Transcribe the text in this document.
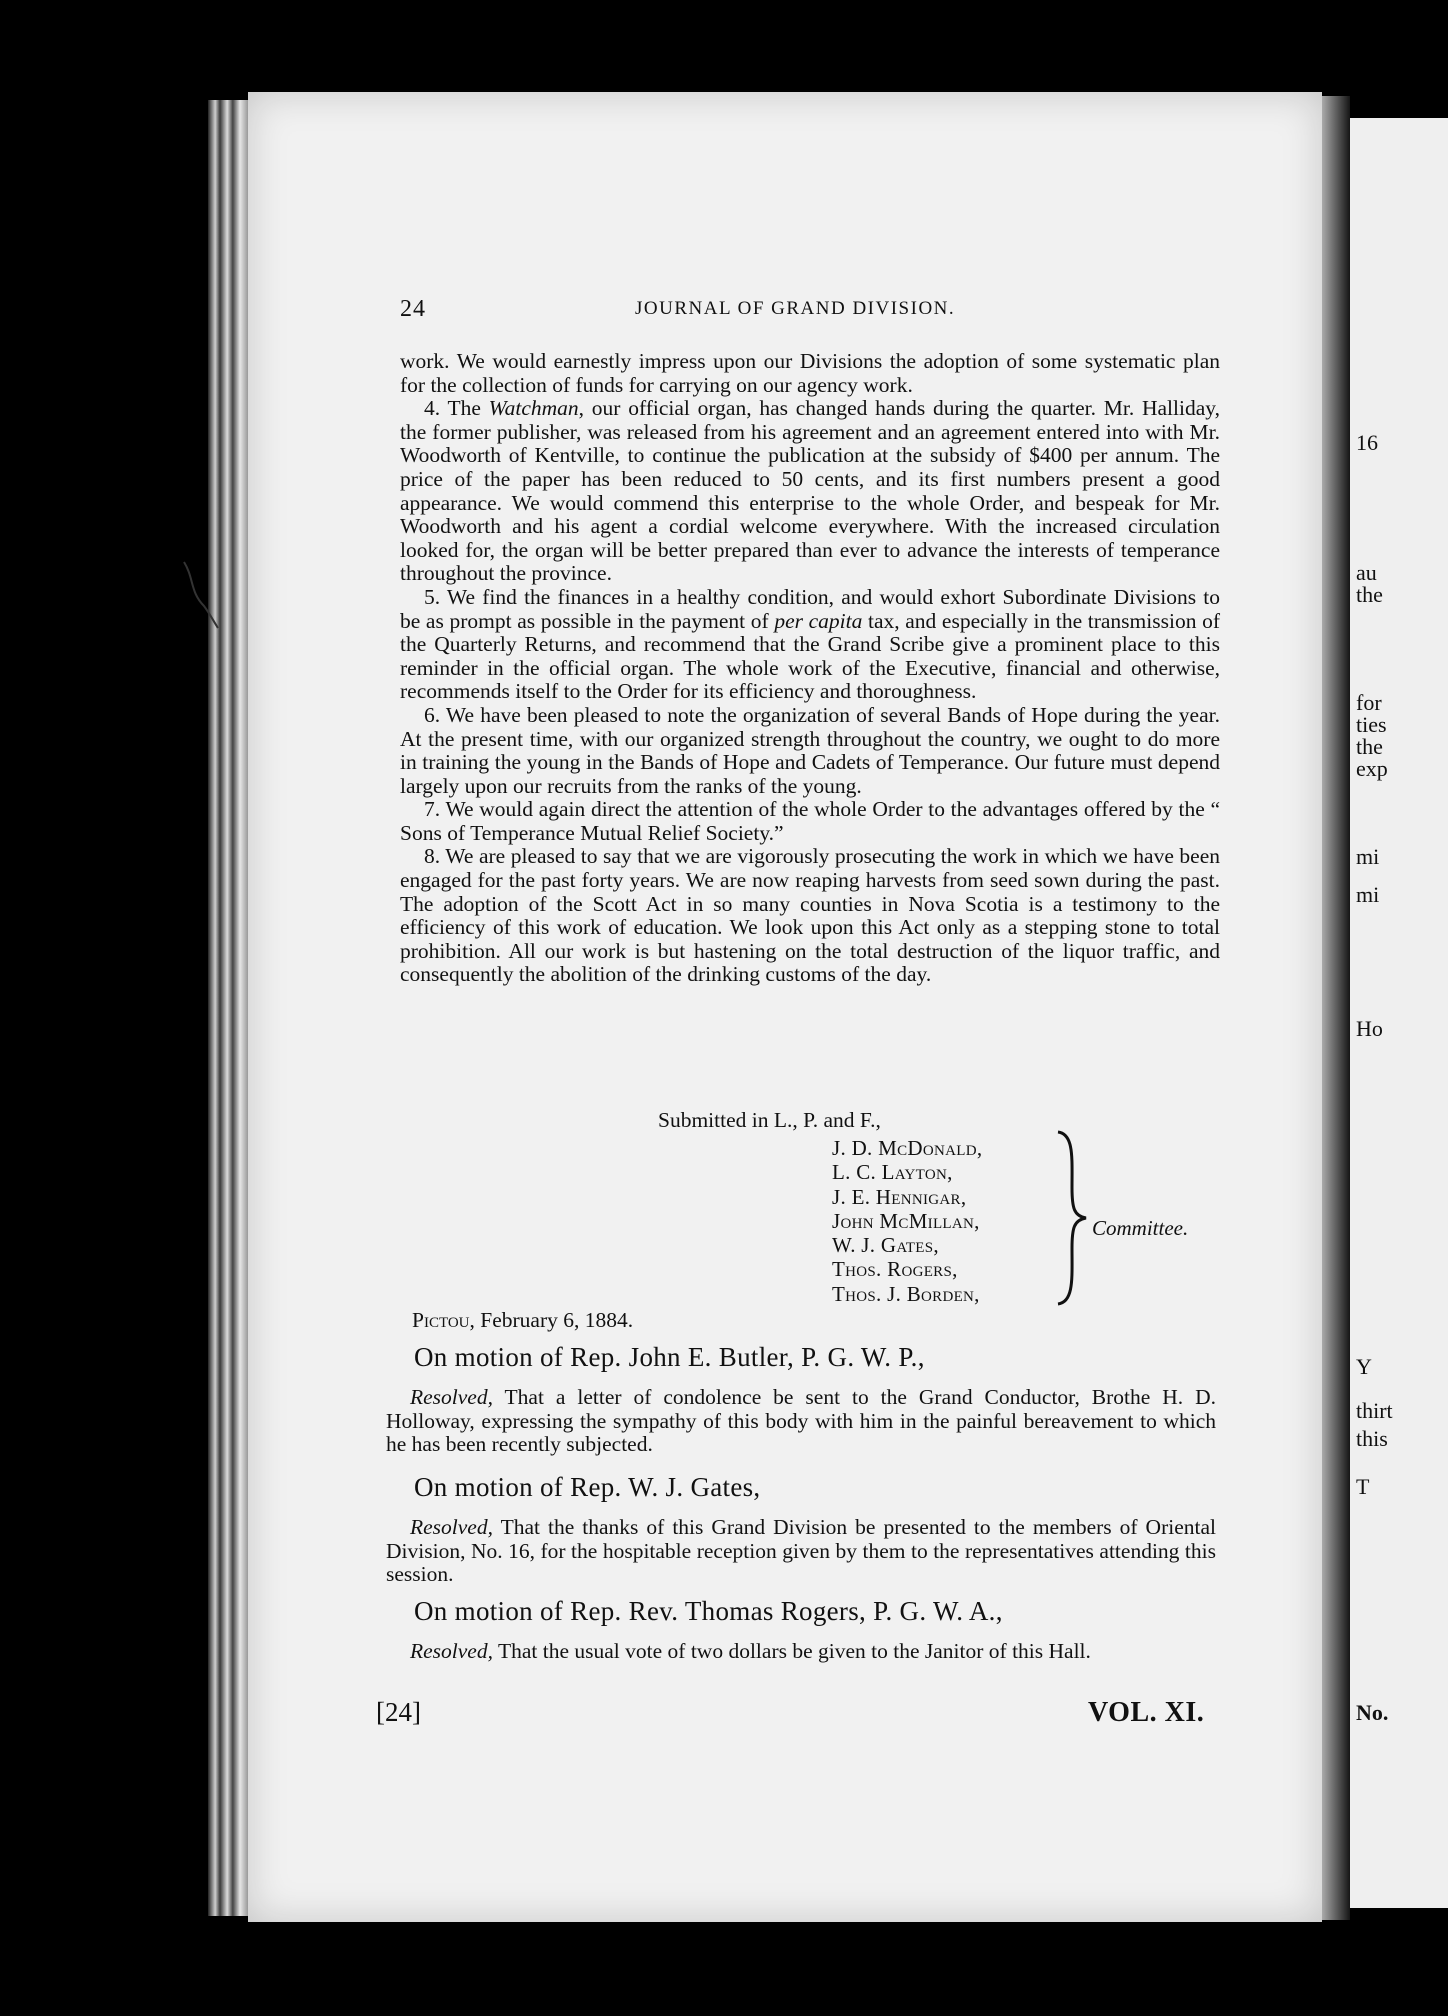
16
au
the
for
ties
the
exp
mi
mi
Ho
Y
thirt
this
T
No.
24	JOURNAL OF GRAND DIVISION.

work. We would earnestly impress upon our Divisions the adoption of some systematic plan for the collection of funds for carrying on our agency work.

4. The Watchman, our official organ, has changed hands during the quarter. Mr. Halliday, the former publisher, was released from his agreement and an agreement entered into with Mr. Woodworth of Kentville, to continue the publication at the subsidy of $400 per annum. The price of the paper has been reduced to 50 cents, and its first numbers present a good appearance. We would commend this enterprise to the whole Order, and bespeak for Mr. Woodworth and his agent a cordial welcome everywhere. With the increased circulation looked for, the organ will be better prepared than ever to advance the interests of temperance throughout the province.

5. We find the finances in a healthy condition, and would exhort Subordinate Divisions to be as prompt as possible in the payment of per capita tax, and especially in the transmission of the Quarterly Returns, and recommend that the Grand Scribe give a prominent place to this reminder in the official organ. The whole work of the Executive, financial and otherwise, recommends itself to the Order for its efficiency and thoroughness.

6. We have been pleased to note the organization of several Bands of Hope during the year. At the present time, with our organized strength throughout the country, we ought to do more in training the young in the Bands of Hope and Cadets of Temperance. Our future must depend largely upon our recruits from the ranks of the young.

7. We would again direct the attention of the whole Order to the advantages offered by the “ Sons of Temperance Mutual Relief Society.”

8. We are pleased to say that we are vigorously prosecuting the work in which we have been engaged for the past forty years. We are now reaping harvests from seed sown during the past. The adoption of the Scott Act in so many counties in Nova Scotia is a testimony to the efficiency of this work of education. We look upon this Act only as a stepping stone to total prohibition. All our work is but hastening on the total destruction of the liquor traffic, and consequently the abolition of the drinking customs of the day.

Submitted in L., P. and F.,
J. D. McDonald,
L. C. Layton,
J. E. Hennigar,
John McMillan,
W. J. Gates,
Thos. Rogers,
Thos. J. Borden,
Committee.
Pictou, February 6, 1884.
On motion of Rep. John E. Butler, P. G. W. P.,
Resolved, That a letter of condolence be sent to the Grand Conductor, Brothe H. D. Holloway, expressing the sympathy of this body with him in the painful bereavement to which he has been recently subjected.
On motion of Rep. W. J. Gates,
Resolved, That the thanks of this Grand Division be presented to the members of Oriental Division, No. 16, for the hospitable reception given by them to the representatives attending this session.
On motion of Rep. Rev. Thomas Rogers, P. G. W. A.,
Resolved, That the usual vote of two dollars be given to the Janitor of this Hall.
[24]	VOL. XI.
